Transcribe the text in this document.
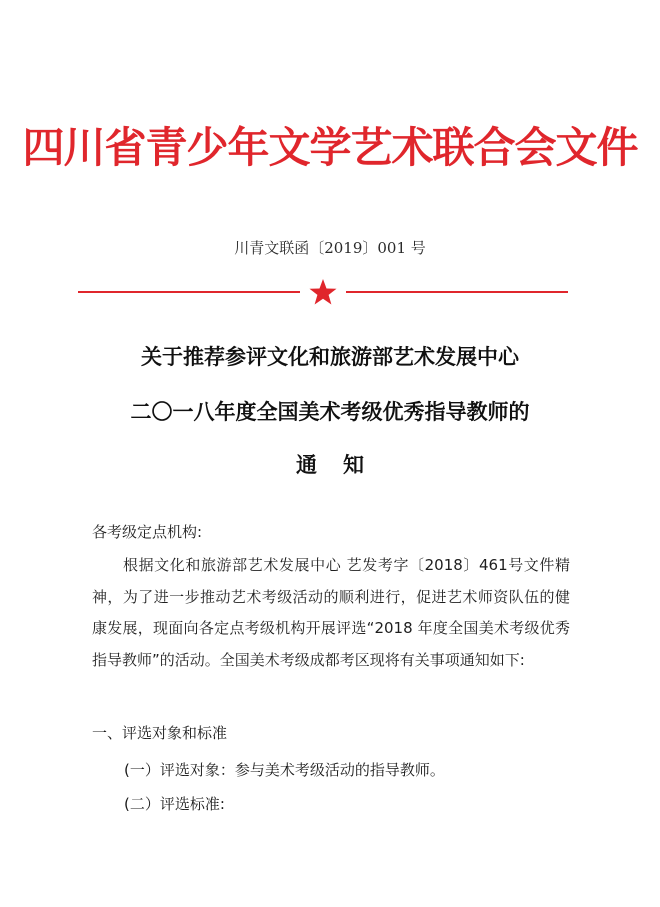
四川省青少年文学艺术联合会文件
川青文联函〔2019〕001 号
关于推荐参评文化和旅游部艺术发展中心
二〇一八年度全国美术考级优秀指导教师的
通知

各考级定点机构:

根据文化和旅游部艺术发展中心 艺发考字〔2018〕461号文件精神，为了进一步推动艺术考级活动的顺利进行，促进艺术师资队伍的健康发展，现面向各定点考级机构开展评选“2018 年度全国美术考级优秀指导教师”的活动。全国美术考级成都考区现将有关事项通知如下:

一、评选对象和标准
(一）评选对象：参与美术考级活动的指导教师。
(二）评选标准:
